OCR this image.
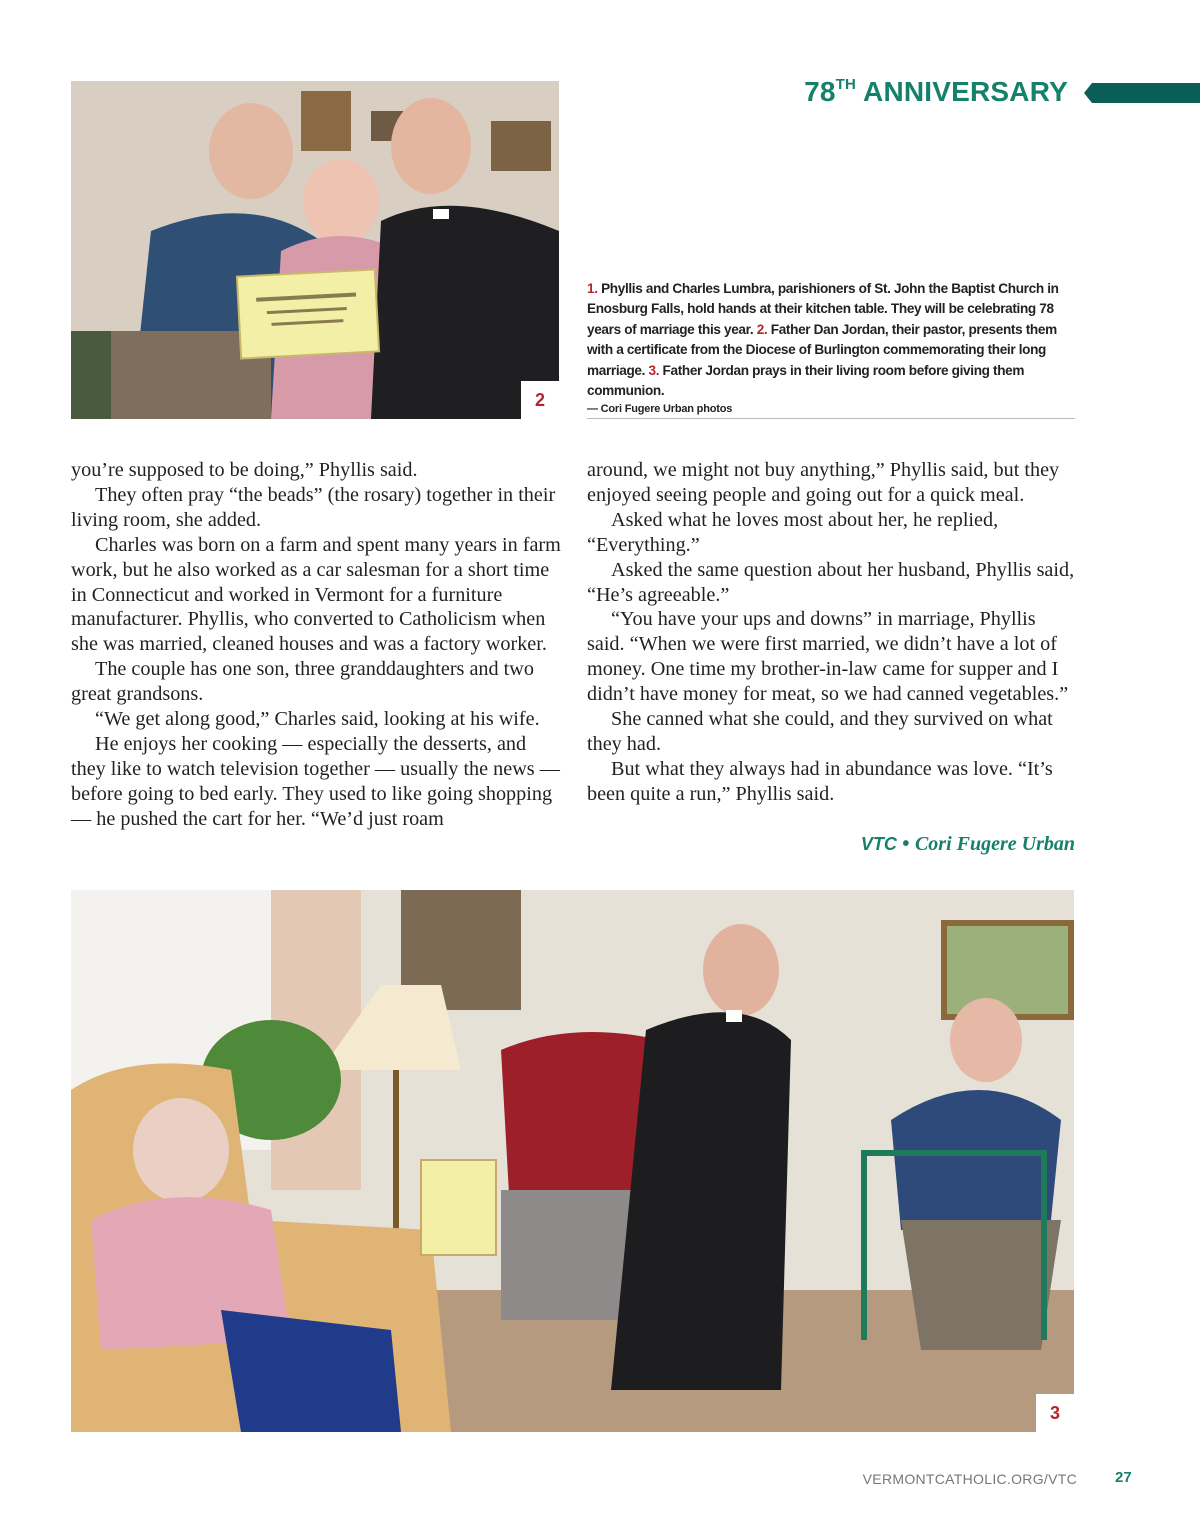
78TH ANNIVERSARY
2
1. Phyllis and Charles Lumbra, parishioners of St. John the Baptist Church in Enosburg Falls, hold hands at their kitchen table. They will be celebrating 78 years of marriage this year. 2. Father Dan Jordan, their pastor, presents them with a certificate from the Diocese of Burlington commemorating their long marriage. 3. Father Jordan prays in their living room before giving them communion.
— Cori Fugere Urban photos

you’re supposed to be doing,” Phyllis said.

They often pray “the beads” (the rosary) together in their living room, she added.

Charles was born on a farm and spent many years in farm work, but he also worked as a car salesman for a short time in Connecticut and worked in Vermont for a furniture manufacturer. Phyllis, who converted to Catholicism when she was married, cleaned houses and was a factory worker.

The couple has one son, three granddaughters and two great grandsons.

“We get along good,” Charles said, looking at his wife.

He enjoys her cooking — especially the desserts, and they like to watch television together — usually the news — before going to bed early. They used to like going shopping — he pushed the cart for her. “We’d just roam

around, we might not buy anything,” Phyllis said, but they enjoyed seeing people and going out for a quick meal.

Asked what he loves most about her, he replied, “Everything.”

Asked the same question about her husband, Phyllis said, “He’s agreeable.”

“You have your ups and downs” in marriage, Phyllis said. “When we were first married, we didn’t have a lot of money. One time my brother-in-law came for supper and I didn’t have money for meat, so we had canned vegetables.”

She canned what she could, and they survived on what they had.

But what they always had in abundance was love. “It’s been quite a run,” Phyllis said.

VTC • Cori Fugere Urban
3
VERMONTCATHOLIC.ORG/VTC	27
